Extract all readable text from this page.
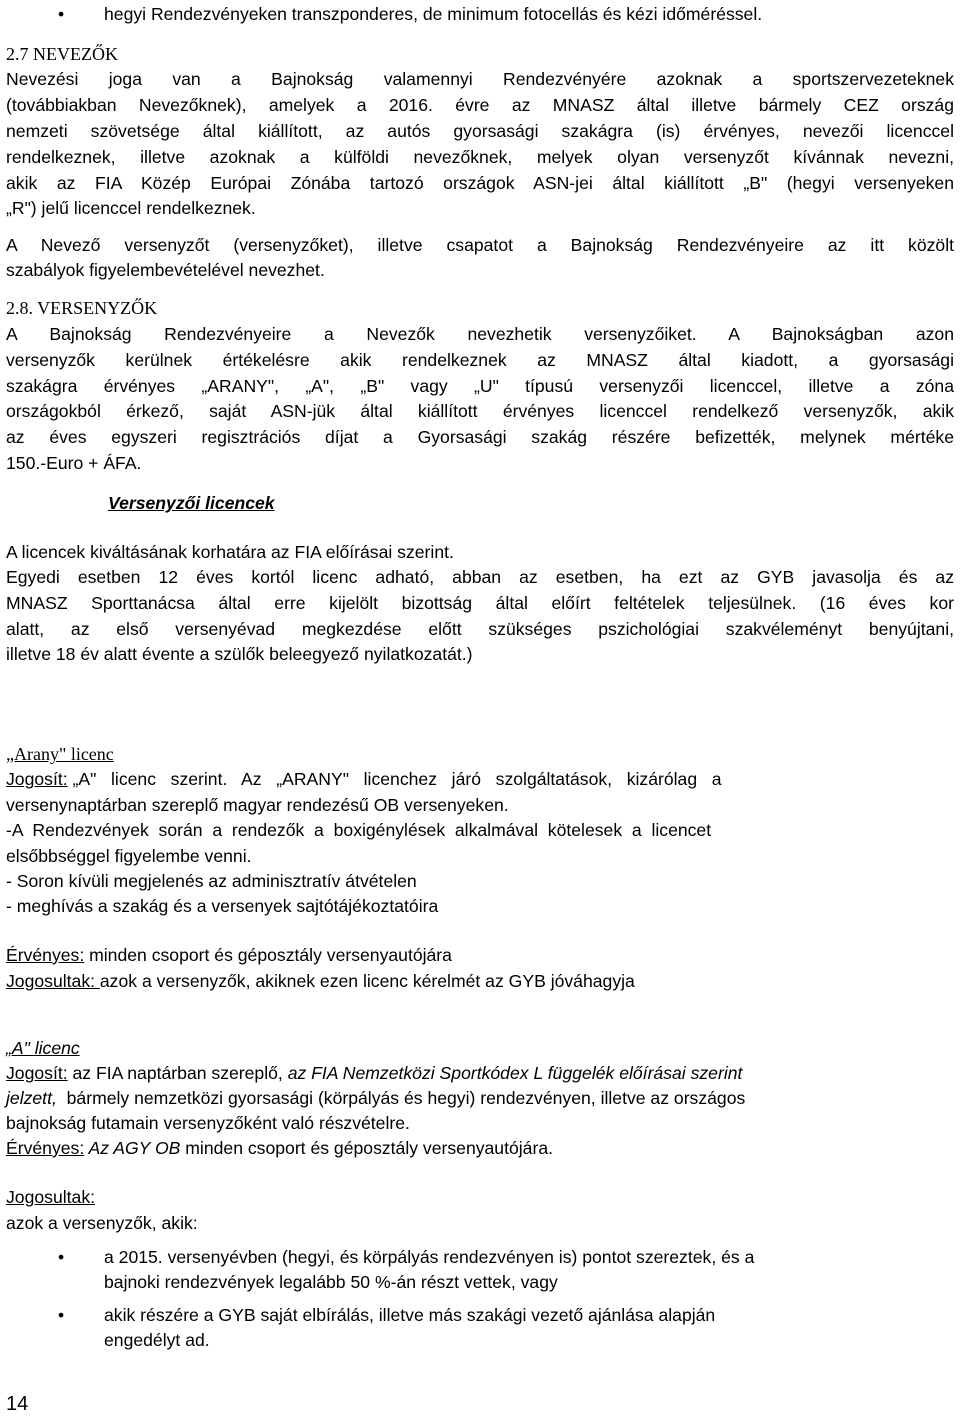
• hegyi Rendezvényeken transzponderes, de minimum fotocellás és kézi időméréssel.
2.7 NEVEZŐK
Nevezési joga van a Bajnokság valamennyi Rendezvényére azoknak a sportszervezeteknek
(továbbiakban Nevezőknek), amelyek a 2016. évre az MNASZ által illetve bármely CEZ ország
nemzeti szövetsége által kiállított, az autós gyorsasági szakágra (is) érvényes, nevezői licenccel
rendelkeznek, illetve azoknak a külföldi nevezőknek, melyek olyan versenyzőt kívánnak nevezni,
akik az FIA Közép Európai Zónába tartozó országok ASN-jei által kiállított „B" (hegyi versenyeken
„R") jelű licenccel rendelkeznek.
A Nevező versenyzőt (versenyzőket), illetve csapatot a Bajnokság Rendezvényeire az itt közölt
szabályok figyelembevételével nevezhet.
2.8. VERSENYZŐK
A Bajnokság Rendezvényeire a Nevezők nevezhetik versenyzőiket. A Bajnokságban azon
versenyzők kerülnek értékelésre akik rendelkeznek az MNASZ által kiadott, a gyorsasági
szakágra érvényes „ARANY", „A", „B" vagy „U" típusú versenyzői licenccel, illetve a zóna
országokból érkező, saját ASN-jük által kiállított érvényes licenccel rendelkező versenyzők, akik
az éves egyszeri regisztrációs díjat a Gyorsasági szakág részére befizették, melynek mértéke
150.-Euro + ÁFA.
Versenyzői licencek
A licencek kiváltásának korhatára az FIA előírásai szerint.
Egyedi esetben 12 éves kortól licenc adható, abban az esetben, ha ezt az GYB javasolja és az
MNASZ Sporttanácsa által erre kijelölt bizottság által előírt feltételek teljesülnek. (16 éves kor
alatt, az első versenyévad megkezdése előtt szükséges pszichológiai szakvéleményt benyújtani,
illetve 18 év alatt évente a szülők beleegyező nyilatkozatát.)
„Arany" licenc
Jogosít: „A"   licenc   szerint.   Az   „ARANY"   licenchez   járó   szolgáltatások,   kizárólag   a
versenynaptárban szereplő magyar rendezésű OB versenyeken.
-A  Rendezvények  során  a  rendezők  a  boxigénylések  alkalmával  kötelesek  a  licencet
elsőbbséggel figyelembe venni.
- Soron kívüli megjelenés az adminisztratív átvételen
- meghívás a szakág és a versenyek sajtótájékoztatóira
Érvényes: minden csoport és géposztály versenyautójára
Jogosultak: azok a versenyzők, akiknek ezen licenc kérelmét az GYB jóváhagyja
„A" licenc
Jogosít: az FIA naptárban szereplő, az FIA Nemzetközi Sportkódex L függelék előírásai szerint
jelzett,  bármely nemzetközi gyorsasági (körpályás és hegyi) rendezvényen, illetve az országos
bajnokság futamain versenyzőként való részvételre.
Érvényes: Az AGY OB minden csoport és géposztály versenyautójára.
Jogosultak:
azok a versenyzők, akik:
• a 2015. versenyévben (hegyi, és körpályás rendezvényen is) pontot szereztek, és a
bajnoki rendezvények legalább 50 %-án részt vettek, vagy
• akik részére a GYB saját elbírálás, illetve más szakági vezető ajánlása alapján
engedélyt ad.
14
